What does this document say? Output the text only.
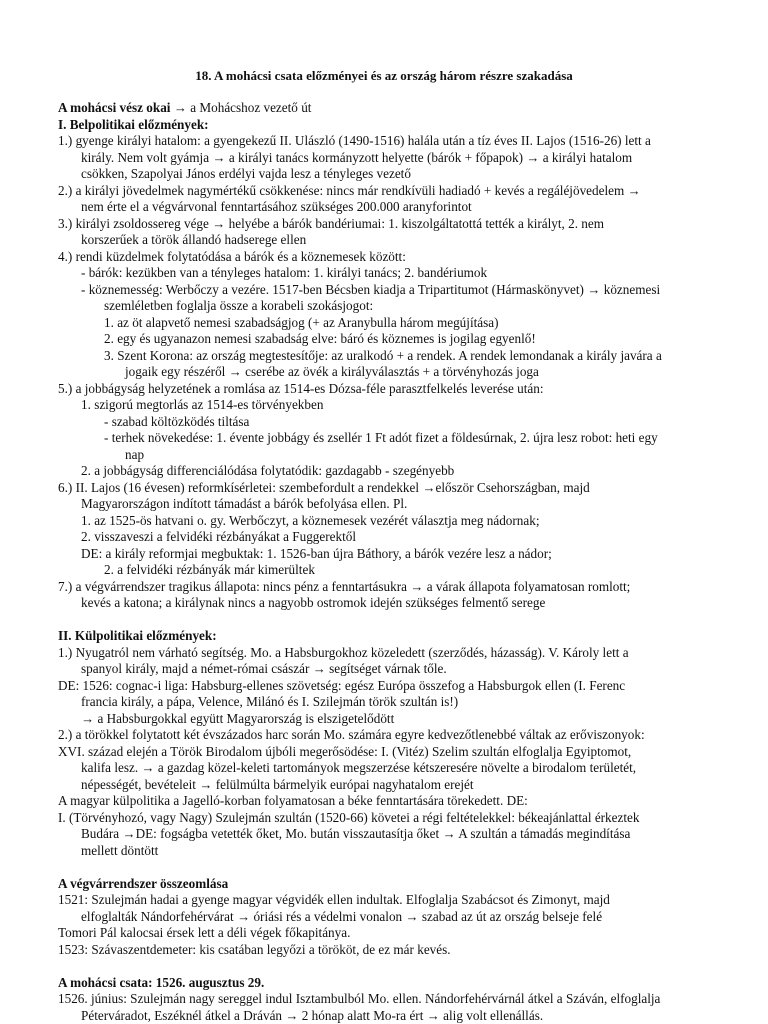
18. A mohácsi csata előzményei és az ország három részre szakadása
A mohácsi vész okai → a Mohácshoz vezető út
I. Belpolitikai előzmények:
1.) gyenge királyi hatalom: a gyengekezű II. Ulászló (1490-1516) halála után a tíz éves II. Lajos (1516-26) lett a
király. Nem volt gyámja → a királyi tanács kormányzott helyette (bárók + főpapok) → a királyi hatalom
csökken, Szapolyai János erdélyi vajda lesz a tényleges vezető
2.) a királyi jövedelmek nagymértékű csökkenése: nincs már rendkívüli hadiadó + kevés a regáléjövedelem →
nem érte el a végvárvonal fenntartásához szükséges 200.000 aranyforintot
3.) királyi zsoldossereg vége → helyébe a bárók bandériumai: 1. kiszolgáltatottá tették a királyt, 2. nem
korszerűek a török állandó hadserege ellen
4.) rendi küzdelmek folytatódása a bárók és a köznemesek között:
- bárók: kezükben van a tényleges hatalom: 1. királyi tanács; 2. bandériumok
- köznemesség: Werbőczy a vezére. 1517-ben Bécsben kiadja a Tripartitumot (Hármaskönyvet) → köznemesi
szemléletben foglalja össze a korabeli szokásjogot:
1. az öt alapvető nemesi szabadságjog (+ az Aranybulla három megújítása)
2. egy és ugyanazon nemesi szabadság elve: báró és köznemes is jogilag egyenlő!
3. Szent Korona: az ország megtestesítője: az uralkodó + a rendek. A rendek lemondanak a király javára a
jogaik egy részéről → cserébe az övék a királyválasztás + a törvényhozás joga
5.) a jobbágyság helyzetének a romlása az 1514-es Dózsa-féle parasztfelkelés leverése után:
1. szigorú megtorlás az 1514-es törvényekben
- szabad költözködés tiltása
- terhek növekedése: 1. évente jobbágy és zsellér 1 Ft adót fizet a földesúrnak, 2. újra lesz robot: heti egy
nap
2. a jobbágyság differenciálódása folytatódik: gazdagabb - szegényebb
6.) II. Lajos (16 évesen) reformkísérletei: szembefordult a rendekkel →először Csehországban, majd
Magyarországon indított támadást a bárók befolyása ellen. Pl.
1. az 1525-ös hatvani o. gy. Werbőczyt, a köznemesek vezérét választja meg nádornak;
2. visszaveszi a felvidéki rézbányákat a Fuggerektől
DE: a király reformjai megbuktak: 1. 1526-ban újra Báthory, a bárók vezére lesz a nádor;
2. a felvidéki rézbányák már kimerültek
7.) a végvárrendszer tragikus állapota: nincs pénz a fenntartásukra → a várak állapota folyamatosan romlott;
kevés a katona; a királynak nincs a nagyobb ostromok idején szükséges felmentő serege
II. Külpolitikai előzmények:
1.) Nyugatról nem várható segítség. Mo. a Habsburgokhoz közeledett (szerződés, házasság). V. Károly lett a
spanyol király, majd a német-római császár → segítséget várnak tőle.
DE: 1526: cognac-i liga: Habsburg-ellenes szövetség: egész Európa összefog a Habsburgok ellen (I. Ferenc
francia király, a pápa, Velence, Milánó és I. Szilejmán török szultán is!)
→ a Habsburgokkal együtt Magyarország is elszigetelődött
2.) a törökkel folytatott két évszázados harc során Mo. számára egyre kedvezőtlenebbé váltak az erőviszonyok:
XVI. század elején a Török Birodalom újbóli megerősödése: I. (Vitéz) Szelim szultán elfoglalja Egyiptomot,
kalifa lesz. → a gazdag közel-keleti tartományok megszerzése kétszeresére növelte a birodalom területét,
népességét, bevételeit → felülmúlta bármelyik európai nagyhatalom erejét
A magyar külpolitika a Jagelló-korban folyamatosan a béke fenntartására törekedett. DE:
I. (Törvényhozó, vagy Nagy) Szulejmán szultán (1520-66) követei a régi feltételekkel: békeajánlattal érkeztek
Budára →DE: fogságba vetették őket, Mo. bután visszautasítja őket → A szultán a támadás megindítása
mellett döntött
A végvárrendszer összeomlása
1521: Szulejmán hadai a gyenge magyar végvidék ellen indultak. Elfoglalja Szabácsot és Zimonyt, majd
elfoglalták Nándorfehérvárat → óriási rés a védelmi vonalon → szabad az út az ország belseje felé
Tomori Pál kalocsai érsek lett a déli végek főkapitánya.
1523: Szávaszentdemeter: kis csatában legyőzi a törököt, de ez már kevés.
A mohácsi csata: 1526. augusztus 29.
1526. június: Szulejmán nagy sereggel indul Isztambulból Mo. ellen. Nándorfehérvárnál átkel a Száván, elfoglalja
Péterváradot, Eszéknél átkel a Dráván → 2 hónap alatt Mo-ra ért → alig volt ellenállás.
